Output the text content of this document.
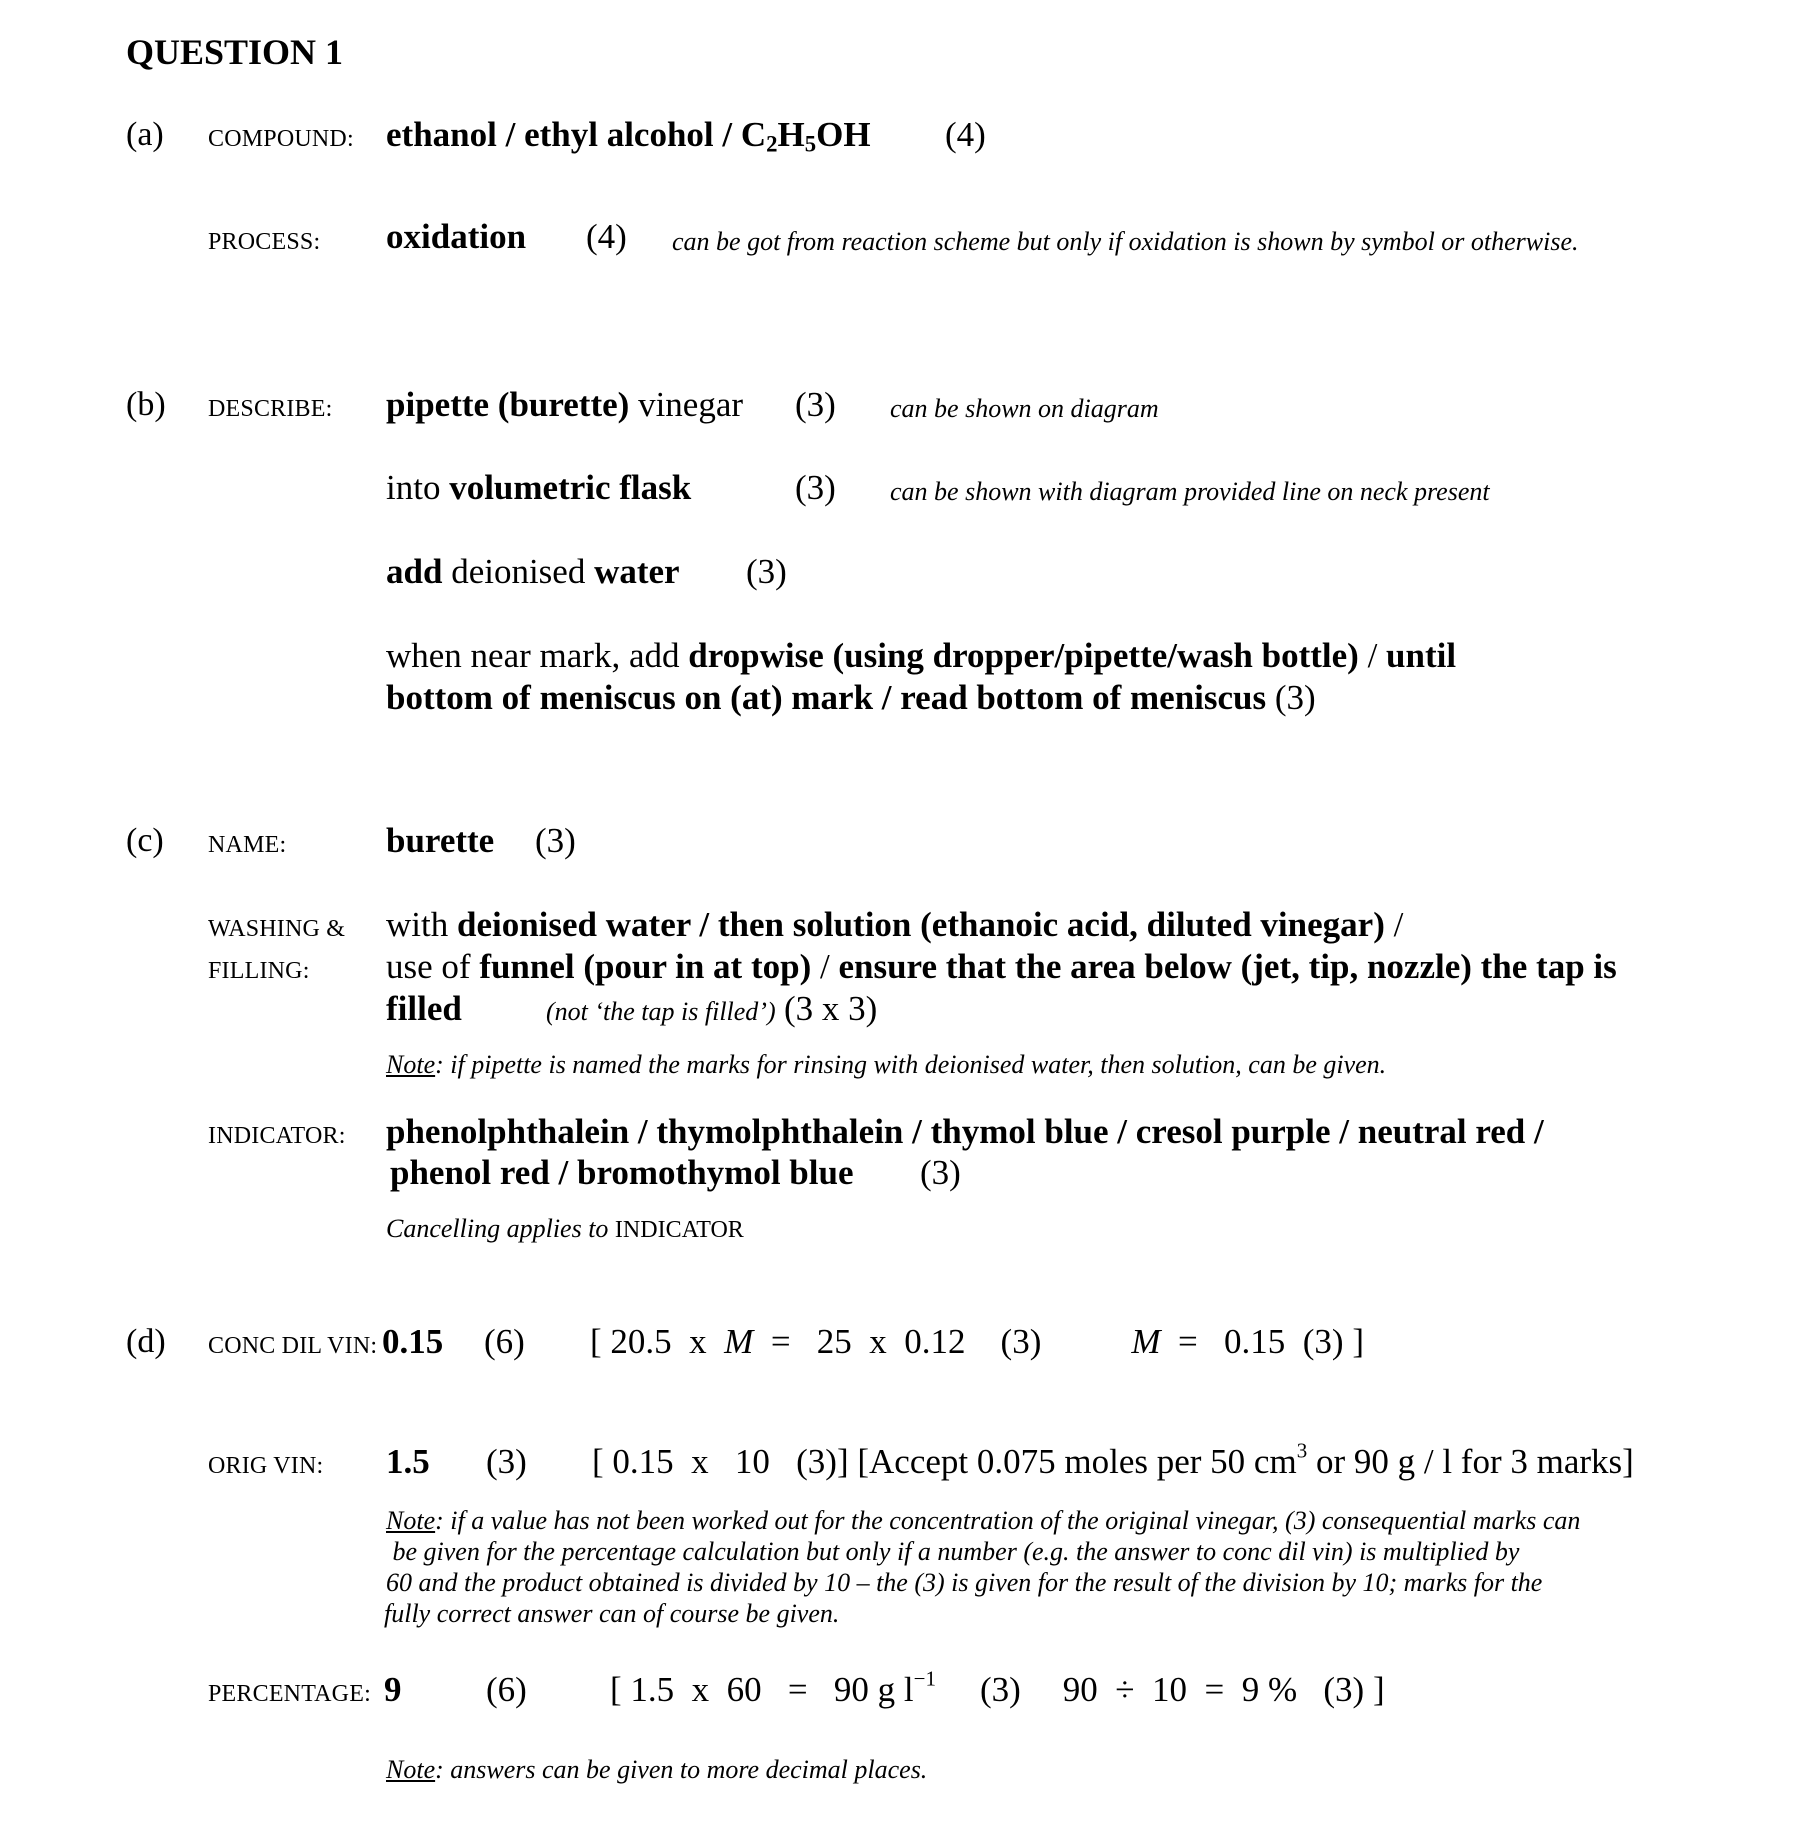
QUESTION 1
(a) COMPOUND: ethanol / ethyl alcohol / $C_2H_5OH$ (4)
PROCESS: oxidation (4) can be got from reaction scheme but only if oxidation is shown by symbol or otherwise.
(b) DESCRIBE: pipette (burette) vinegar (3) can be shown on diagram
into volumetric flask	(3) can be shown with diagram provided line on neck present
add deionised water (3)
when near mark, add dropwise (using dropper/pipette/wash bottle) / until
bottom of meniscus on (at) mark / read bottom of meniscus (3)
(c) NAME:	burette (3)
WASHING &
FILLING:
with deionised water / then solution (ethanoic acid, diluted vinegar) /
use of funnel (pour in at top) / ensure that the area below (jet, tip, nozzle) the tap is
filled	(not ‘the tap is filled’) (3 x 3)
Note: if pipette is named the marks for rinsing with deionised water, then solution, can be given.
INDICATOR: phenolphthalein / thymolphthalein / thymol blue / cresol purple / neutral red /
phenol red / bromothymol blue (3)
Cancelling applies to INDICATOR
(d) CONC DIL VIN: 0.15 (6) [ 20.5  x  M  =   25  x  0.12    (3)	M  =   0.15  (3) ]
ORIG VIN: 1.5 (3) [ 0.15  x   10   (3)] [Accept 0.075 moles per 50 $cm^3$ or 90 g / l for 3 marks]
Note: if a value has not been worked out for the concentration of the original vinegar, (3) consequential marks can
be given for the percentage calculation but only if a number (e.g. the answer to conc dil vin) is multiplied by
60 and the product obtained is divided by 10 – the (3) is given for the result of the division by 10; marks for the
fully correct answer can of course be given.
PERCENTAGE: 9 (6) [ 1.5  x  60   =   90 g $l^{-1}$ (3) 90  ÷  10  =  9 %   (3) ]
Note: answers can be given to more decimal places.
